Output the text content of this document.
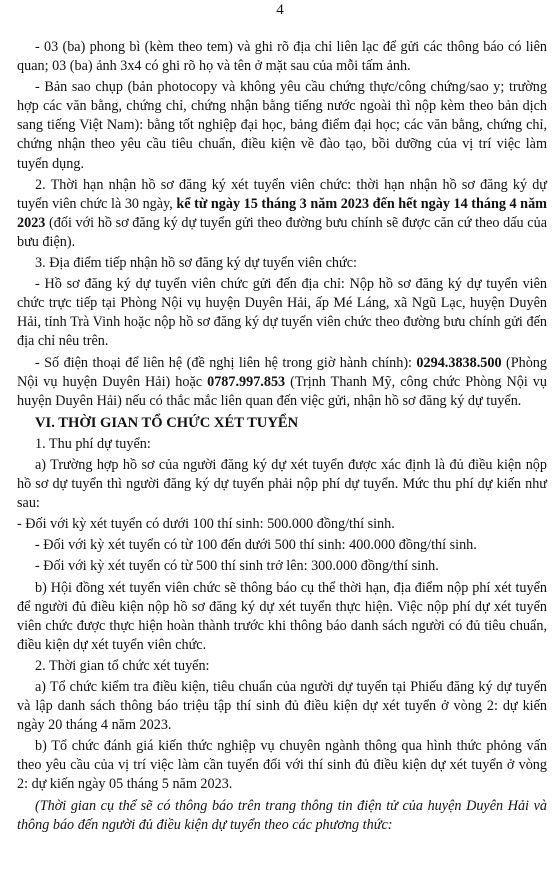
4

- 03 (ba) phong bì (kèm theo tem) và ghi rõ địa chỉ liên lạc để gửi các thông báo có liên quan; 03 (ba) ảnh 3x4 có ghi rõ họ và tên ở mặt sau của mỗi tấm ảnh.

- Bản sao chụp (bản photocopy và không yêu cầu chứng thực/công chứng/sao y; trường hợp các văn bằng, chứng chỉ, chứng nhận bằng tiếng nước ngoài thì nộp kèm theo bản dịch sang tiếng Việt Nam): bằng tốt nghiệp đại học, bảng điểm đại học; các văn bằng, chứng chỉ, chứng nhận theo yêu cầu tiêu chuẩn, điều kiện về đào tạo, bồi dưỡng của vị trí việc làm tuyển dụng.

2. Thời hạn nhận hồ sơ đăng ký xét tuyển viên chức: thời hạn nhận hồ sơ đăng ký dự tuyển viên chức là 30 ngày, kể từ ngày 15 tháng 3 năm 2023 đến hết ngày 14 tháng 4 năm 2023 (đối với hồ sơ đăng ký dự tuyển gửi theo đường bưu chính sẽ được căn cứ theo dấu của bưu điện).

3. Địa điểm tiếp nhận hồ sơ đăng ký dự tuyển viên chức:

- Hồ sơ đăng ký dự tuyển viên chức gửi đến địa chỉ: Nộp hồ sơ đăng ký dự tuyển viên chức trực tiếp tại Phòng Nội vụ huyện Duyên Hải, ấp Mé Láng, xã Ngũ Lạc, huyện Duyên Hải, tỉnh Trà Vinh hoặc nộp hồ sơ đăng ký dự tuyển viên chức theo đường bưu chính gửi đến địa chỉ nêu trên.

- Số điện thoại để liên hệ (đề nghị liên hệ trong giờ hành chính): 0294.3838.500 (Phòng Nội vụ huyện Duyên Hải) hoặc 0787.997.853 (Trịnh Thanh Mỹ, công chức Phòng Nội vụ huyện Duyên Hải) nếu có thắc mắc liên quan đến việc gửi, nhận hồ sơ đăng ký dự tuyển.

VI. THỜI GIAN TỔ CHỨC XÉT TUYỂN

1. Thu phí dự tuyển:

a) Trường hợp hồ sơ của người đăng ký dự xét tuyển được xác định là đủ điều kiện nộp hồ sơ dự tuyển thì người đăng ký dự tuyển phải nộp phí dự tuyển. Mức thu phí dự kiến như sau:

- Đối với kỳ xét tuyển có dưới 100 thí sinh: 500.000 đồng/thí sinh.

- Đối với kỳ xét tuyển có từ 100 đến dưới 500 thí sinh: 400.000 đồng/thí sinh.

- Đối với kỳ xét tuyển có từ 500 thí sinh trở lên: 300.000 đồng/thí sinh.

b) Hội đồng xét tuyển viên chức sẽ thông báo cụ thể thời hạn, địa điểm nộp phí xét tuyển để người đủ điều kiện nộp hồ sơ đăng ký dự xét tuyển thực hiện. Việc nộp phí dự xét tuyển viên chức được thực hiện hoàn thành trước khi thông báo danh sách người có đủ tiêu chuẩn, điều kiện dự xét tuyển viên chức.

2. Thời gian tổ chức xét tuyển:

a) Tổ chức kiểm tra điều kiện, tiêu chuẩn của người dự tuyển tại Phiếu đăng ký dự tuyển và lập danh sách thông báo triệu tập thí sinh đủ điều kiện dự xét tuyển ở vòng 2: dự kiến ngày 20 tháng 4 năm 2023.

b) Tổ chức đánh giá kiến thức nghiệp vụ chuyên ngành thông qua hình thức phỏng vấn theo yêu cầu của vị trí việc làm cần tuyển đối với thí sinh đủ điều kiện dự xét tuyển ở vòng 2: dự kiến ngày 05 tháng 5 năm 2023.

(Thời gian cụ thể sẽ có thông báo trên trang thông tin điện tử của huyện Duyên Hải và thông báo đến người đủ điều kiện dự tuyển theo các phương thức:
